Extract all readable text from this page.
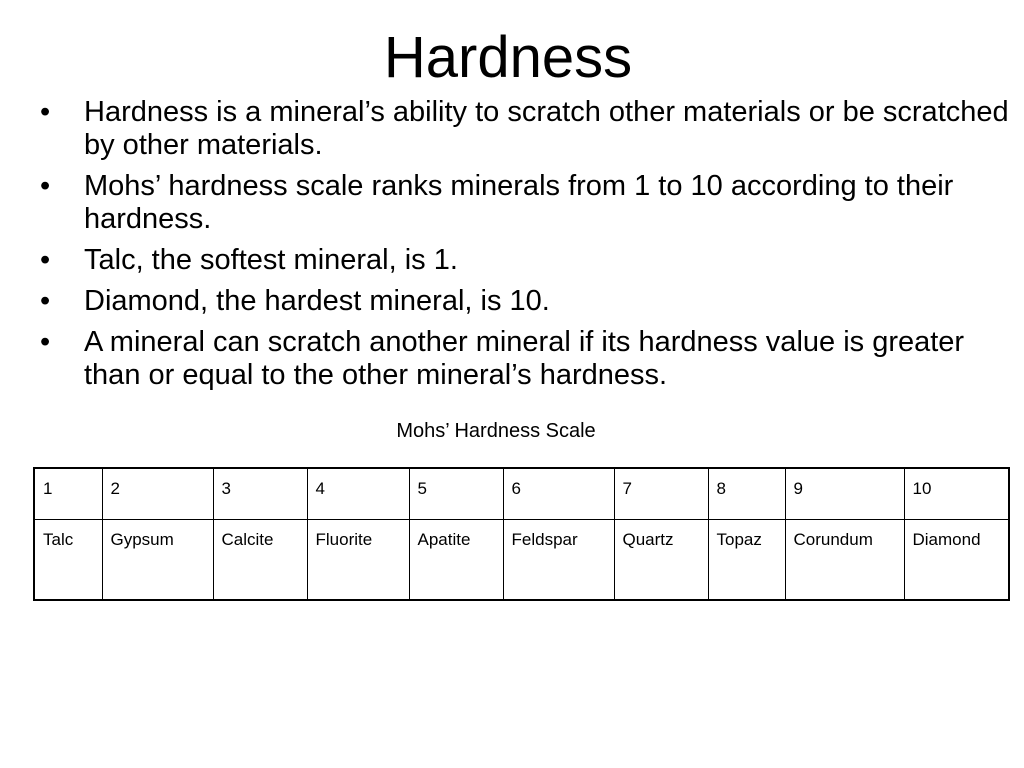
Hardness
•	Hardness is a mineral’s ability to scratch other materials or be scratched by other materials.
•	Mohs’ hardness scale ranks minerals from 1 to 10 according to their hardness.
•	Talc, the softest mineral, is 1.
•	Diamond, the hardest mineral, is 10.
•	A mineral can scratch another mineral if its hardness value is greater than or equal to the other mineral’s hardness.
Mohs’ Hardness Scale
1	2	3	4	5	6	7	8	9	10
Talc	Gypsum	Calcite	Fluorite	Apatite	Feldspar	Quartz	Topaz	Corundum	Diamond
